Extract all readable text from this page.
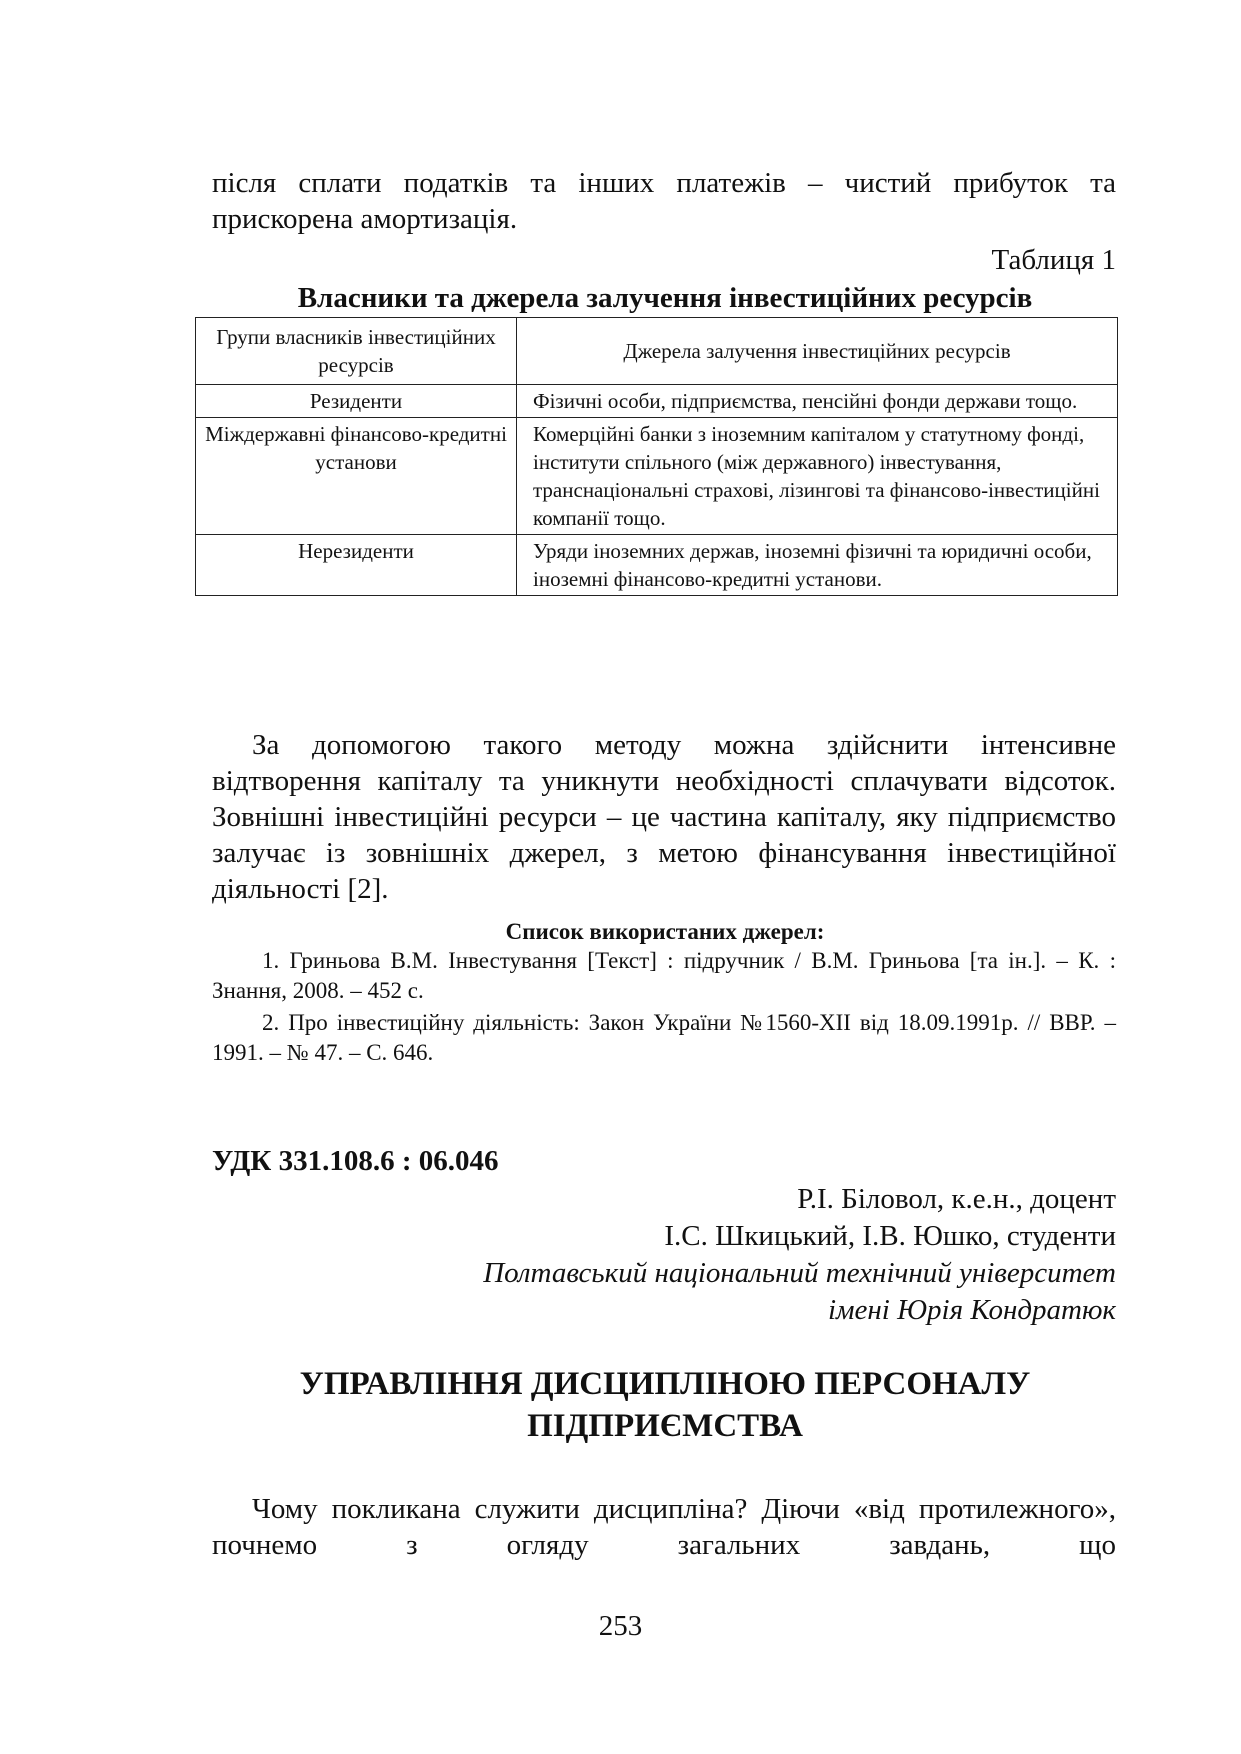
після сплати податків та інших платежів – чистий прибуток та прискорена амортизація.
Таблиця 1
Власники та джерела залучення інвестиційних ресурсів
Групи власників інвестиційних ресурсів	Джерела залучення інвестиційних ресурсів
Резиденти	Фізичні особи, підприємства, пенсійні фонди держави тощо.
Міждержавні фінансово-кредитні установи	Комерційні банки з іноземним капіталом у статутному фонді, інститути спільного (між державного) інвестування, транснаціональні страхові, лізингові та фінансово-інвестиційні компанії тощо.
Нерезиденти	Уряди іноземних держав, іноземні фізичні та юридичні особи, іноземні фінансово-кредитні установи.
За допомогою такого методу можна здійснити інтенсивне відтворення капіталу та уникнути необхідності сплачувати відсоток. Зовнішні інвестиційні ресурси – це частина капіталу, яку підприємство залучає із зовнішніх джерел, з метою фінансування інвестиційної діяльності [2].
Список використаних джерел:
1. Гриньова В.М. Інвестування [Текст] : підручник / В.М. Гриньова [та ін.]. – К. : Знання, 2008. – 452 с.
2. Про інвестиційну діяльність: Закон України №1560-ХІІ від 18.09.1991р. // ВВР. – 1991. – № 47. – С. 646.
УДК 331.108.6 : 06.046
Р.І. Біловол, к.е.н., доцент
І.С. Шкицький, І.В. Юшко, студенти
Полтавський національний технічний університет
імені Юрія Кондратюк
УПРАВЛІННЯ ДИСЦИПЛІНОЮ ПЕРСОНАЛУ
ПІДПРИЄМСТВА
Чому покликана служити дисципліна? Діючи «від протилежного», почнемо з огляду загальних завдань, що
253
